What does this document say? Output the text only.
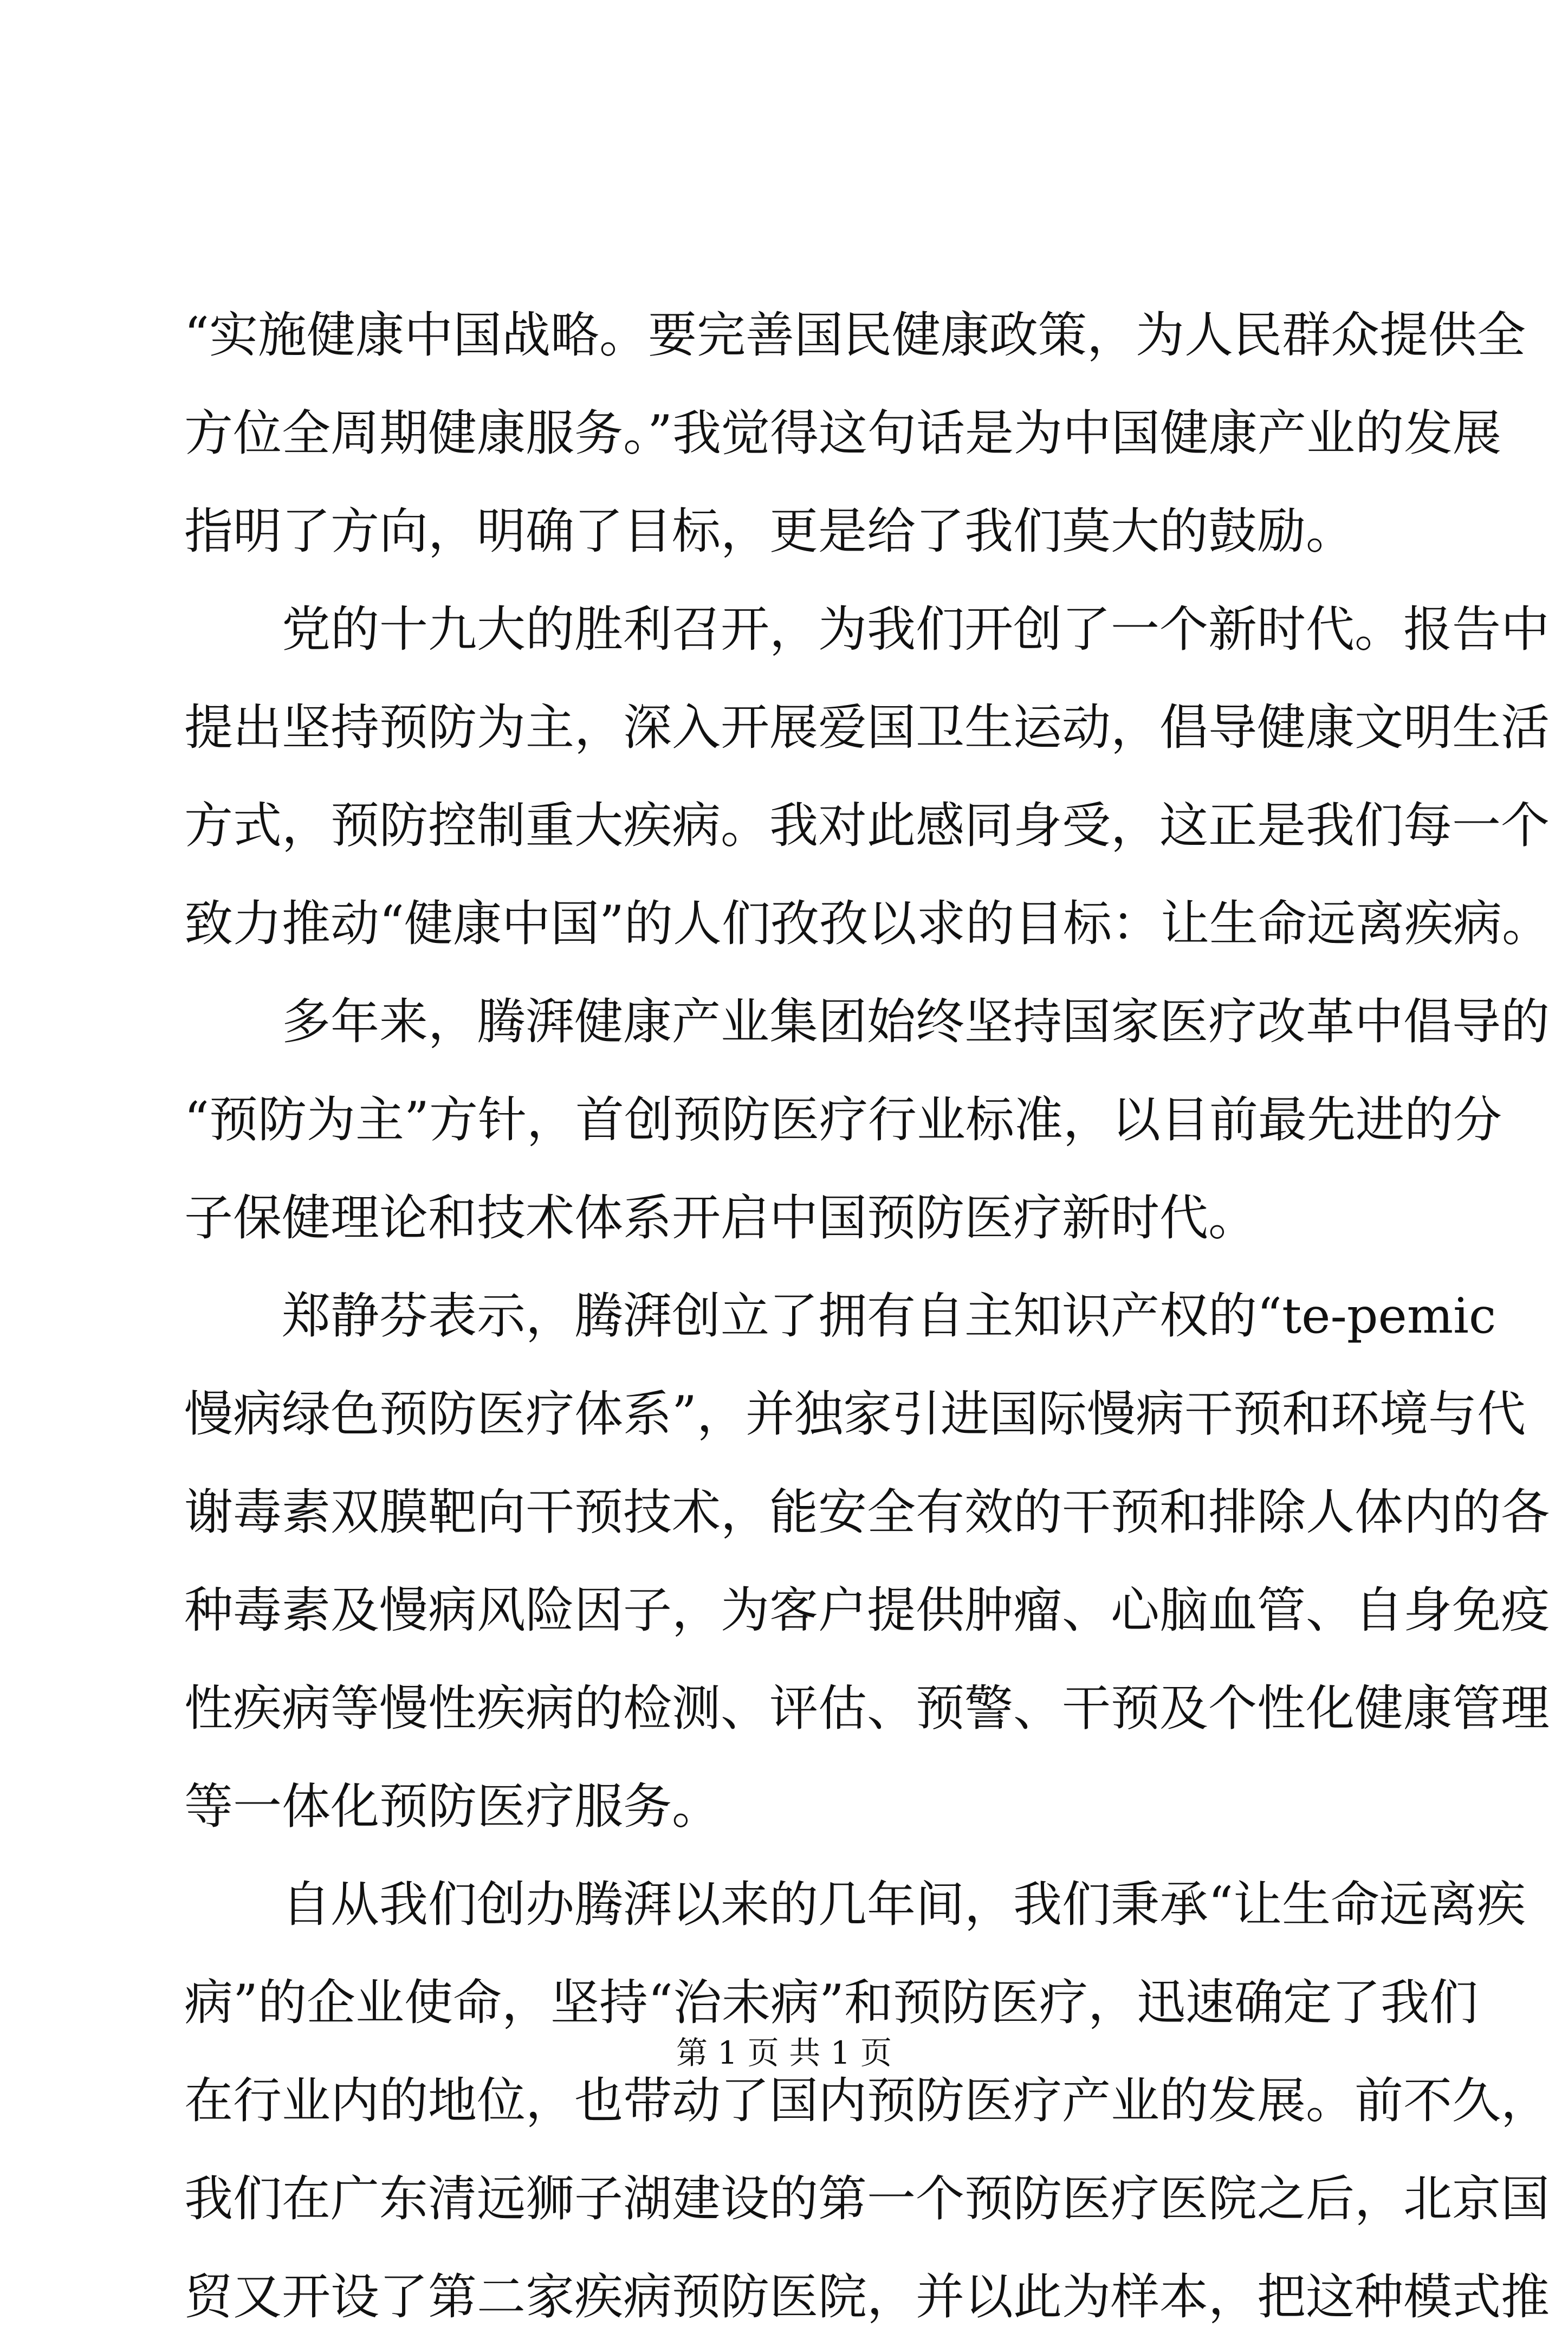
“实施健康中国战略。要完善国民健康政策，为人民群众提供全
方位全周期健康服务。”我觉得这句话是为中国健康产业的发展
指明了方向，明确了目标，更是给了我们莫大的鼓励。
党的十九大的胜利召开，为我们开创了一个新时代。报告中
提出坚持预防为主，深入开展爱国卫生运动，倡导健康文明生活
方式，预防控制重大疾病。我对此感同身受，这正是我们每一个
致力推动“健康中国”的人们孜孜以求的目标：让生命远离疾病。
多年来，腾湃健康产业集团始终坚持国家医疗改革中倡导的
“预防为主”方针，首创预防医疗行业标准，以目前最先进的分
子保健理论和技术体系开启中国预防医疗新时代。
郑静芬表示，腾湃创立了拥有自主知识产权的“te-pemic
慢病绿色预防医疗体系”，并独家引进国际慢病干预和环境与代
谢毒素双膜靶向干预技术，能安全有效的干预和排除人体内的各
种毒素及慢病风险因子，为客户提供肿瘤、心脑血管、自身免疫
性疾病等慢性疾病的检测、评估、预警、干预及个性化健康管理
等一体化预防医疗服务。
自从我们创办腾湃以来的几年间，我们秉承“让生命远离疾
病”的企业使命，坚持“治未病”和预防医疗，迅速确定了我们
在行业内的地位，也带动了国内预防医疗产业的发展。前不久，
我们在广东清远狮子湖建设的第一个预防医疗医院之后，北京国
贸又开设了第二家疾病预防医院，并以此为样本，把这种模式推
第 1 页 共 1 页
